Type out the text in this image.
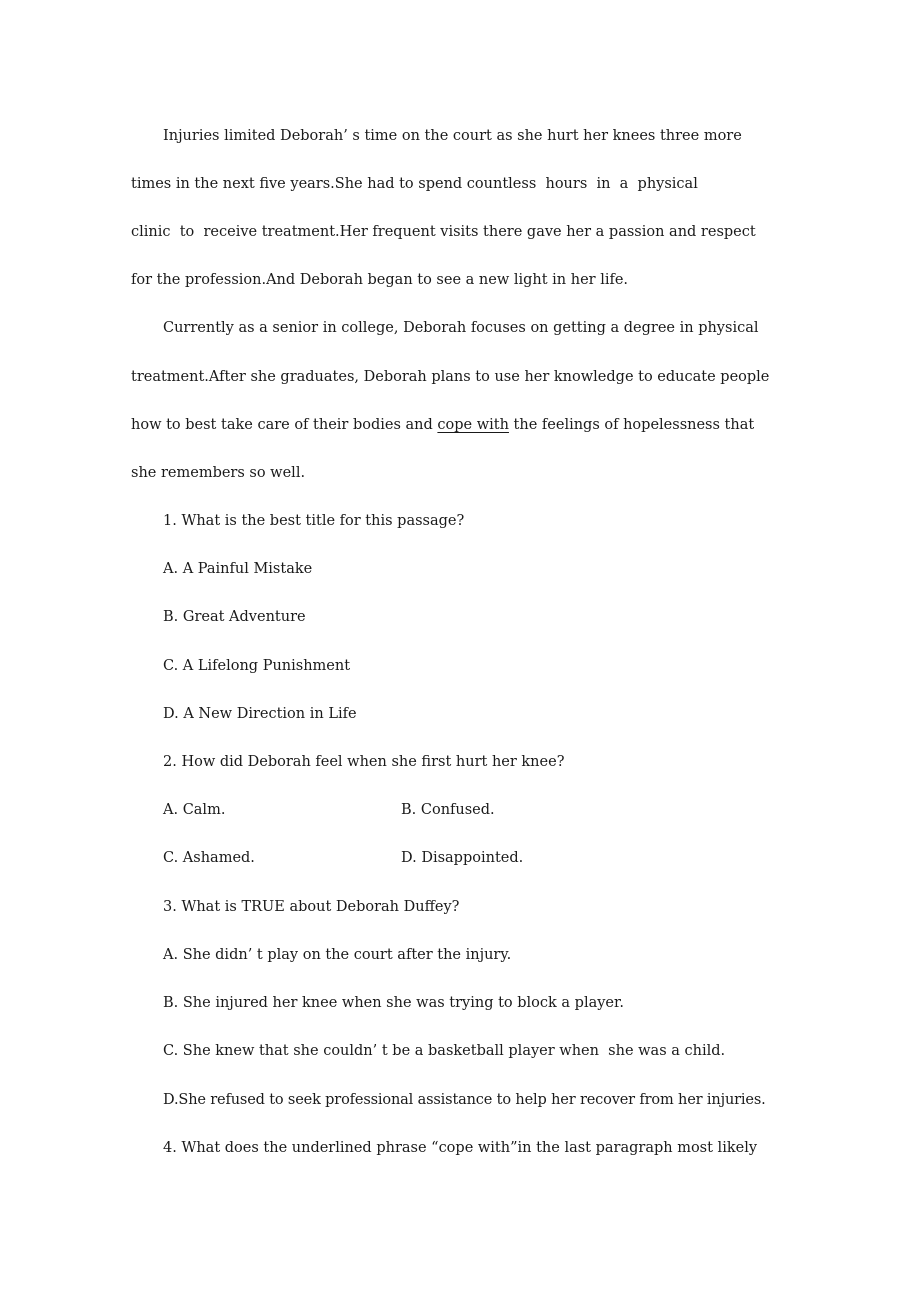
Injuries limited Deborah’ s time on the court as she hurt her knees three more

times in the next five years.She had to spend countless  hours  in  a  physical

clinic  to  receive treatment.Her frequent visits there gave her a passion and respect

for the profession.And Deborah began to see a new light in her life.

Currently as a senior in college, Deborah focuses on getting a degree in physical

treatment.After she graduates, Deborah plans to use her knowledge to educate people

how to best take care of their bodies and cope with the feelings of hopelessness that

she remembers so well.

1. What is the best title for this passage?

A. A Painful Mistake

B. Great Adventure

C. A Lifelong Punishment

D. A New Direction in Life

2. How did Deborah feel when she first hurt her knee?

A. Calm.	B. Confused.

C. Ashamed.	D. Disappointed.

3. What is TRUE about Deborah Duffey?

A. She didn’ t play on the court after the injury.

B. She injured her knee when she was trying to block a player.

C. She knew that she couldn’ t be a basketball player when  she was a child.

D.She refused to seek professional assistance to help her recover from her injuries.

4. What does the underlined phrase “cope with”in the last paragraph most likely
